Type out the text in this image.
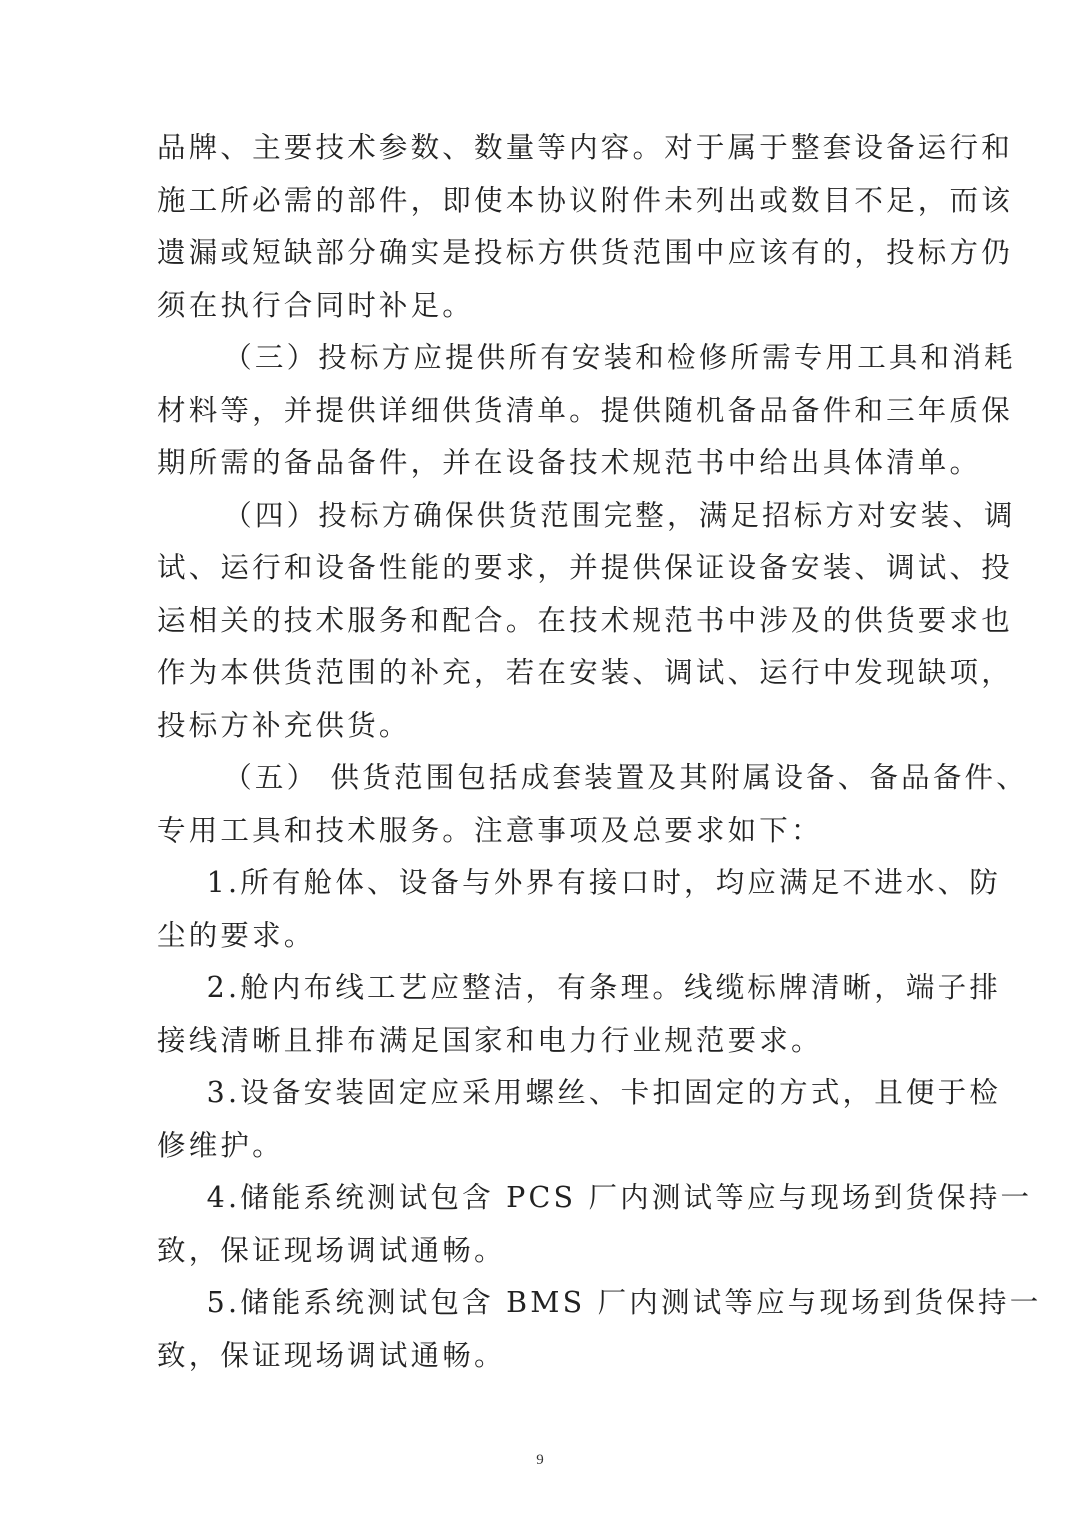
品牌、主要技术参数、数量等内容。对于属于整套设备运行和
施工所必需的部件，即使本协议附件未列出或数目不足，而该
遗漏或短缺部分确实是投标方供货范围中应该有的，投标方仍
须在执行合同时补足。
（三）投标方应提供所有安装和检修所需专用工具和消耗
材料等，并提供详细供货清单。提供随机备品备件和三年质保
期所需的备品备件，并在设备技术规范书中给出具体清单。
（四）投标方确保供货范围完整，满足招标方对安装、调
试、运行和设备性能的要求，并提供保证设备安装、调试、投
运相关的技术服务和配合。在技术规范书中涉及的供货要求也
作为本供货范围的补充，若在安装、调试、运行中发现缺项，
投标方补充供货。
（五） 供货范围包括成套装置及其附属设备、备品备件、
专用工具和技术服务。注意事项及总要求如下：
1.所有舱体、设备与外界有接口时，均应满足不进水、防
尘的要求。
2.舱内布线工艺应整洁，有条理。线缆标牌清晰，端子排
接线清晰且排布满足国家和电力行业规范要求。
3.设备安装固定应采用螺丝、卡扣固定的方式，且便于检
修维护。
4.储能系统测试包含 PCS 厂内测试等应与现场到货保持一
致，保证现场调试通畅。
5.储能系统测试包含 BMS 厂内测试等应与现场到货保持一
致，保证现场调试通畅。
9
